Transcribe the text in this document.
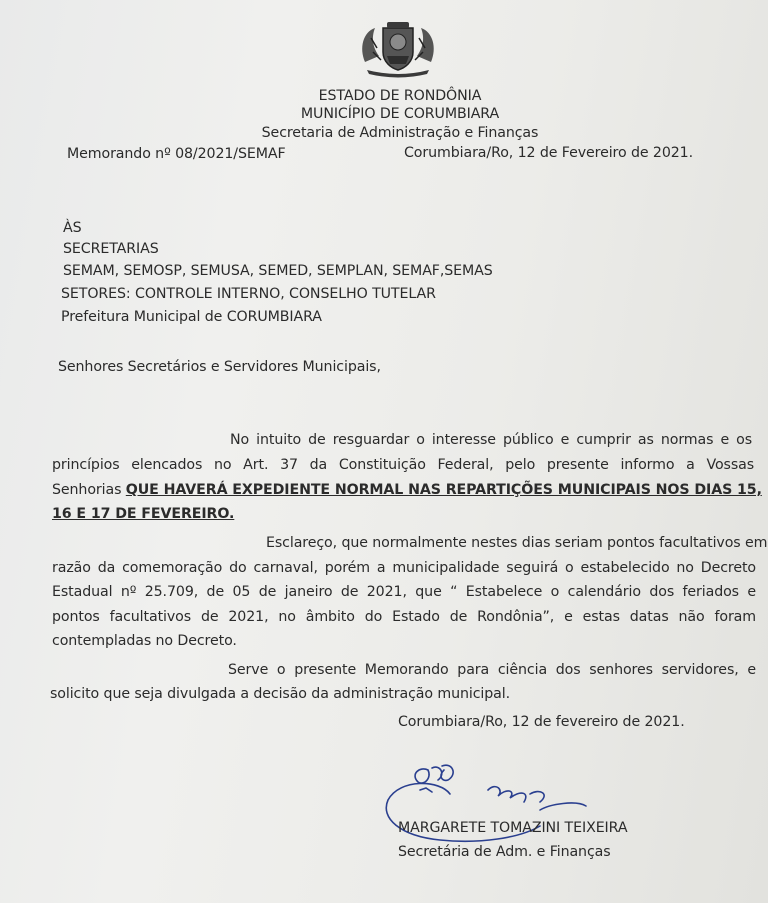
ESTADO DE RONDÔNIA
MUNICÍPIO DE CORUMBIARA
Secretaria de Administração e Finanças
Memorando nº 08/2021/SEMAF	Corumbiara/Ro, 12 de Fevereiro de 2021.
ÀS
SECRETARIAS
SEMAM, SEMOSP, SEMUSA, SEMED, SEMPLAN, SEMAF,SEMAS
SETORES: CONTROLE INTERNO, CONSELHO TUTELAR
Prefeitura Municipal de CORUMBIARA
Senhores Secretários e Servidores Municipais,
No intuito de resguardar o interesse público e cumprir as normas e os
princípios elencados no Art. 37 da Constituição Federal, pelo presente informo a Vossas
Senhorias QUE HAVERÁ EXPEDIENTE NORMAL NAS REPARTIÇÕES MUNICIPAIS NOS DIAS 15,
16 E 17 DE FEVEREIRO.
Esclareço, que normalmente nestes dias seriam pontos facultativos em
razão da comemoração do carnaval, porém a municipalidade seguirá o estabelecido no Decreto
Estadual nº 25.709, de 05 de janeiro de 2021, que “ Estabelece o calendário dos feriados e
pontos facultativos de 2021, no âmbito do Estado de Rondônia”, e estas datas não foram
contempladas no Decreto.
Serve o presente Memorando para ciência dos senhores servidores, e
solicito que seja divulgada a decisão da administração municipal.
Corumbiara/Ro, 12 de fevereiro de 2021.
MARGARETE TOMAZINI TEIXEIRA
Secretária de Adm. e Finanças
